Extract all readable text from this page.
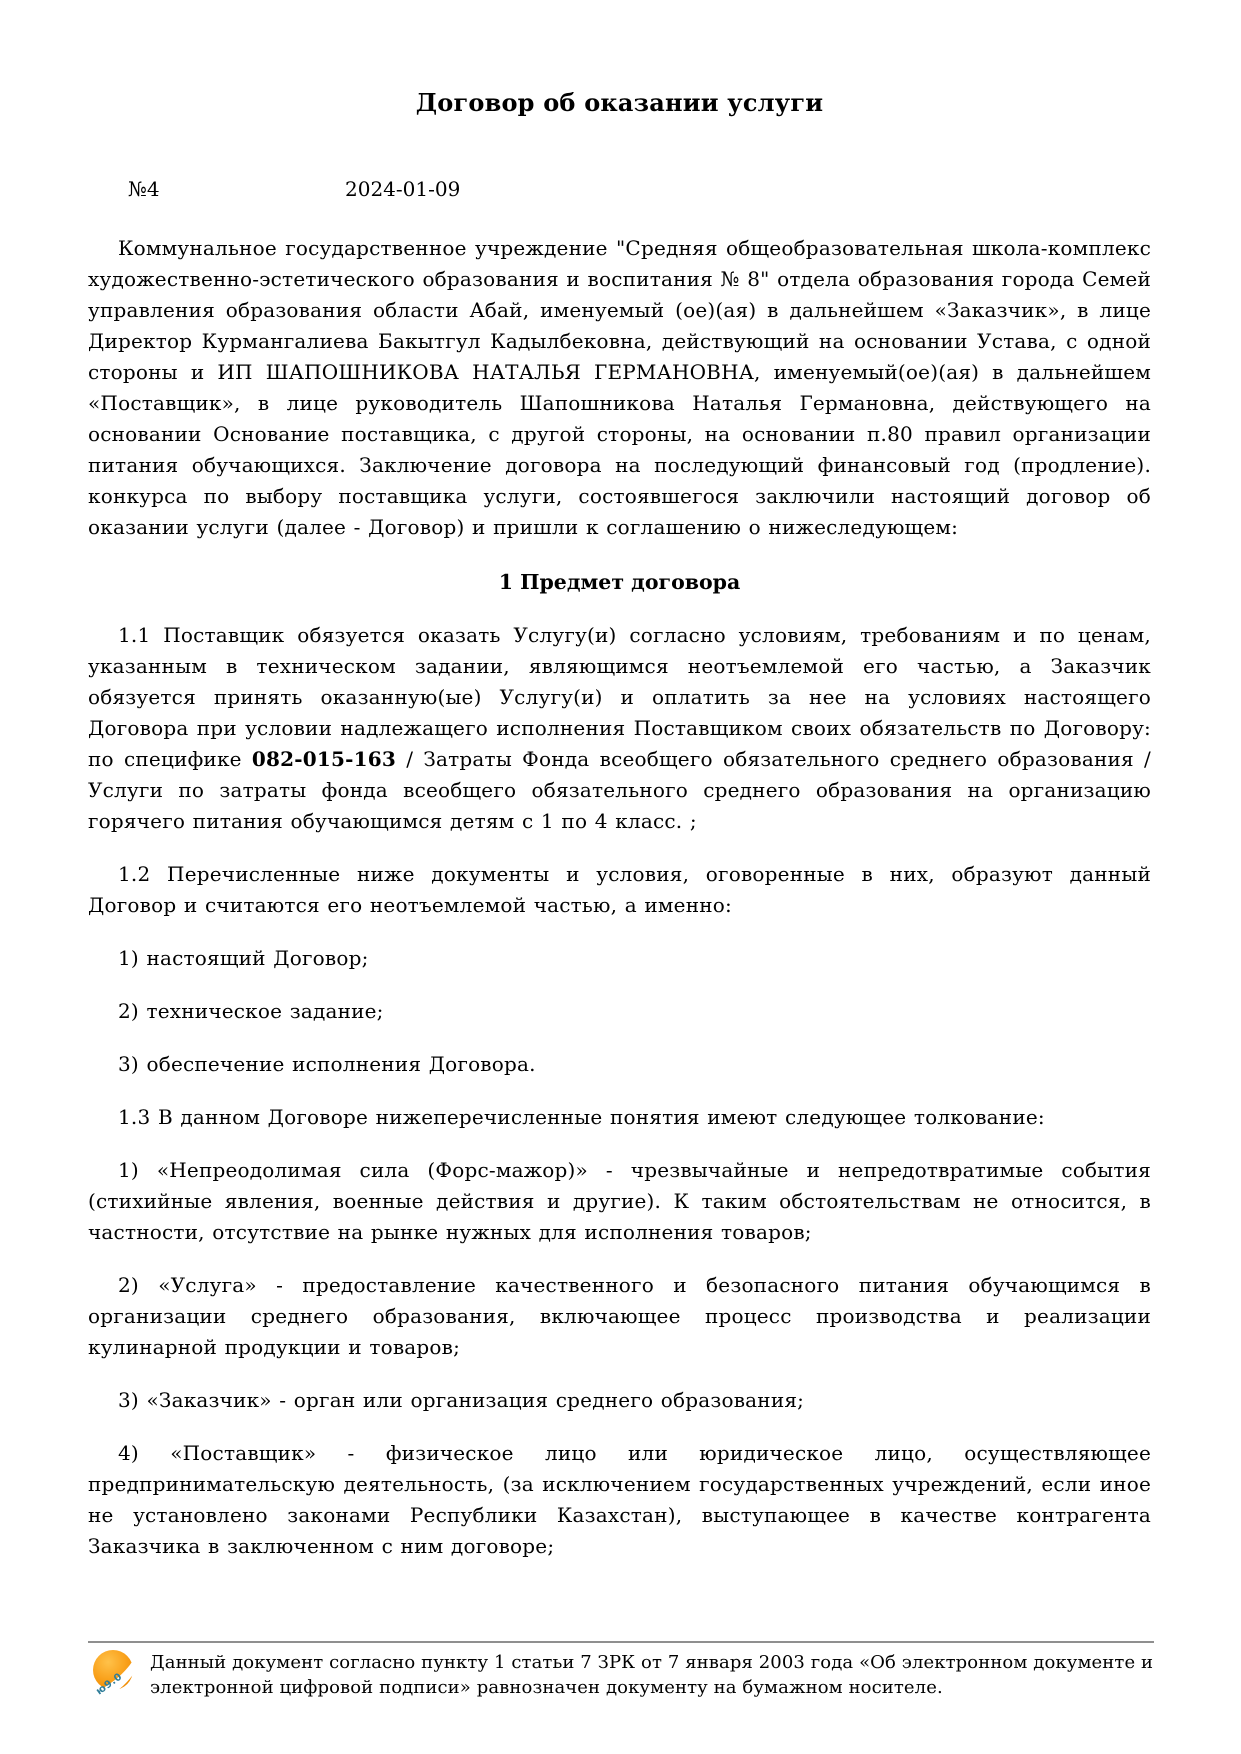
Договор об оказании услуги
№4	2024-01-09

Коммунальное государственное учреждение "Средняя общеобразовательная школа-комплекс художественно-эстетического образования и воспитания № 8" отдела образования города Семей управления образования области Абай, именуемый (ое)(ая) в дальнейшем «Заказчик», в лице Директор Курмангалиева Бакытгул Кадылбековна, действующий на основании Устава, с одной стороны и ИП ШАПОШНИКОВА НАТАЛЬЯ ГЕРМАНОВНА, именуемый(ое)(ая) в дальнейшем «Поставщик», в лице руководитель Шапошникова Наталья Германовна, действующего на основании Основание поставщика, с другой стороны, на основании п.80 правил организации питания обучающихся. Заключение договора на последующий финансовый год (продление). конкурса по выбору поставщика услуги, состоявшегося заключили настоящий договор об оказании услуги (далее - Договор) и пришли к соглашению о нижеследующем:

1 Предмет договора

1.1 Поставщик обязуется оказать Услугу(и) согласно условиям, требованиям и по ценам, указанным в техническом задании, являющимся неотъемлемой его частью, а Заказчик обязуется принять оказанную(ые) Услугу(и) и оплатить за нее на условиях настоящего Договора при условии надлежащего исполнения Поставщиком своих обязательств по Договору: по специфике 082-015-163 / Затраты Фонда всеобщего обязательного среднего образования / Услуги по затраты фонда всеобщего обязательного среднего образования на организацию горячего питания обучающимся детям с 1 по 4 класс. ;

1.2 Перечисленные ниже документы и условия, оговоренные в них, образуют данный Договор и считаются его неотъемлемой частью, а именно:

1) настоящий Договор;

2) техническое задание;

3) обеспечение исполнения Договора.

1.3 В данном Договоре нижеперечисленные понятия имеют следующее толкование:

1) «Непреодолимая сила (Форс-мажор)» - чрезвычайные и непредотвратимые события (стихийные явления, военные действия и другие). К таким обстоятельствам не относится, в частности, отсутствие на рынке нужных для исполнения товаров;

2) «Услуга» - предоставление качественного и безопасного питания обучающимся в организации среднего образования, включающее процесс производства и реализации кулинарной продукции и товаров;

3) «Заказчик» - орган или организация среднего образования;

4) «Поставщик» - физическое лицо или юридическое лицо, осуществляющее предпринимательскую деятельность, (за исключением государственных учреждений, если иное не установлено законами Республики Казахстан), выступающее в качестве контрагента Заказчика в заключенном с ним договоре;

ю9.0
Данный документ согласно пункту 1 статьи 7 ЗРК от 7 января 2003 года «Об электронном документе и электронной цифровой подписи» равнозначен документу на бумажном носителе.
